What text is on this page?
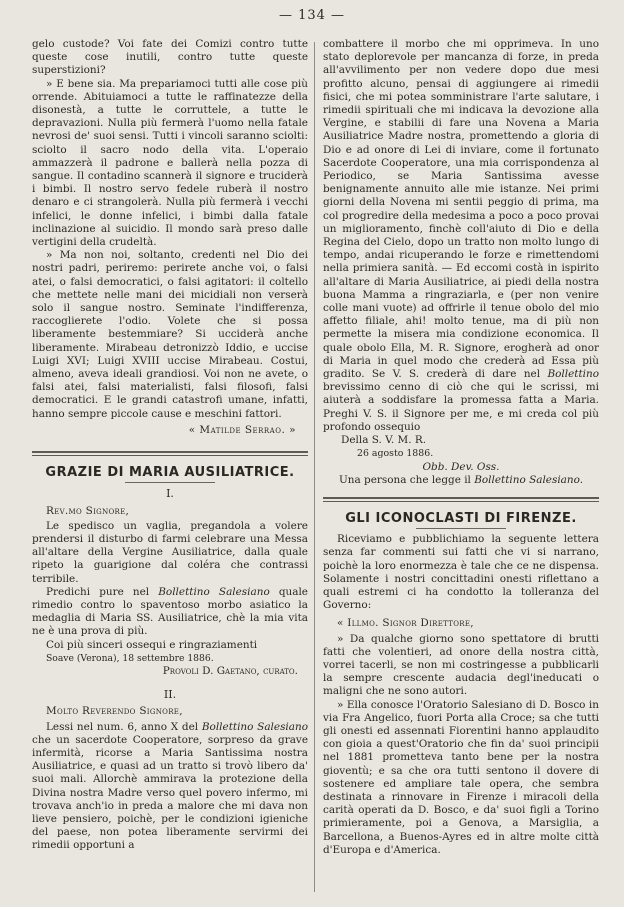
— 134 —

gelo custode? Voi fate dei Comizi contro tutte queste cose inutili, contro tutte queste superstizioni?

» E bene sia. Ma prepariamoci tutti alle cose più orrende. Abituiamoci a tutte le raffinatezze della disonestà, a tutte le corruttele, a tutte le depravazioni. Nulla più fermerà l'uomo nella fatale nevrosi de' suoi sensi. Tutti i vincoli saranno sciolti: sciolto il sacro nodo della vita. L'operaio ammazzerà il padrone e ballerà nella pozza di sangue. Il contadino scannerà il signore e truciderà i bimbi. Il nostro servo fedele ruberà il nostro denaro e ci strangolerà. Nulla più fermerà i vecchi infelici, le donne infelici, i bimbi dalla fatale inclinazione al suicidio. Il mondo sarà preso dalle vertigini della crudeltà.

» Ma non noi, soltanto, credenti nel Dio dei nostri padri, periremo: perirete anche voi, o falsi atei, o falsi democratici, o falsi agitatori: il coltello che mettete nelle mani dei micidiali non verserà solo il sangue nostro. Seminate l'indifferenza, raccoglierete l'odio. Volete che si possa liberamente bestemmiare? Si ucciderà anche liberamente. Mirabeau detronizzò Iddio, e uccise Luigi XVI; Luigi XVIII uccise Mirabeau. Costui, almeno, aveva ideali grandiosi. Voi non ne avete, o falsi atei, falsi materialisti, falsi filosofi, falsi democratici. E le grandi catastrofi umane, infatti, hanno sempre piccole cause e meschini fattori.

« Matilde Serrao. »

GRAZIE DI MARIA AUSILIATRICE.
I.
Rev.mo Signore,

Le spedisco un vaglia, pregandola a volere prendersi il disturbo di farmi celebrare una Messa all'altare della Vergine Ausiliatrice, dalla quale ripeto la guarigione dal coléra che contrassi terribile.

Predichi pure nel Bollettino Salesiano quale rimedio contro lo spaventoso morbo asiatico la medaglia di Maria SS. Ausiliatrice, chè la mia vita ne è una prova di più.

Coi più sinceri ossequi e ringraziamenti

Soave (Verona), 18 settembre 1886.

Provoli D. Gaetano, curato.

II.
Molto Reverendo Signore,

Lessi nel num. 6, anno X del Bollettino Salesiano che un sacerdote Cooperatore, sorpreso da grave infermità, ricorse a Maria Santissima nostra Ausiliatrice, e quasi ad un tratto si trovò libero da' suoi mali. Allorchè ammirava la protezione della Divina nostra Madre verso quel povero infermo, mi trovava anch'io in preda a malore che mi dava non lieve pensiero, poichè, per le condizioni igieniche del paese, non potea liberamente servirmi dei rimedii opportuni a

combattere il morbo che mi opprimeva. In uno stato deplorevole per mancanza di forze, in preda all'avvilimento per non vedere dopo due mesi profitto alcuno, pensai di aggiungere ai rimedii fisici, che mi potea somministrare l'arte salutare, i rimedii spirituali che mi indicava la devozione alla Vergine, e stabilii di fare una Novena a Maria Ausiliatrice Madre nostra, promettendo a gloria di Dio e ad onore di Lei di inviare, come il fortunato Sacerdote Cooperatore, una mia corrispondenza al Periodico, se Maria Santissima avesse benignamente annuito alle mie istanze. Nei primi giorni della Novena mi sentii peggio di prima, ma col progredire della medesima a poco a poco provai un miglioramento, finchè coll'aiuto di Dio e della Regina del Cielo, dopo un tratto non molto lungo di tempo, andai ricuperando le forze e rimettendomi nella primiera sanità. — Ed eccomi costà in ispirito all'altare di Maria Ausiliatrice, ai piedi della nostra buona Mamma a ringraziarla, e (per non venire colle mani vuote) ad offrirle il tenue obolo del mio affetto filiale, ahi! molto tenue, ma di più non permette la misera mia condizione economica. Il quale obolo Ella, M. R. Signore, erogherà ad onor di Maria in quel modo che crederà ad Essa più gradito. Se V. S. crederà di dare nel Bollettino brevissimo cenno di ciò che qui le scrissi, mi aiuterà a soddisfare la promessa fatta a Maria. Preghi V. S. il Signore per me, e mi creda col più profondo ossequio

Della S. V. M. R.

26 agosto 1886.

Obb. Dev. Oss.

Una persona che legge il Bollettino Salesiano.

GLI ICONOCLASTI DI FIRENZE.

Riceviamo e pubblichiamo la seguente lettera senza far commenti sui fatti che vi si narrano, poichè la loro enormezza è tale che ce ne dispensa. Solamente i nostri concittadini onesti riflettano a quali estremi ci ha condotto la tolleranza del Governo:

« Illmo. Signor Direttore,

» Da qualche giorno sono spettatore di brutti fatti che volentieri, ad onore della nostra città, vorrei tacerli, se non mi costringesse a pubblicarli la sempre crescente audacia degl'ineducati o maligni che ne sono autori.

» Ella conosce l'Oratorio Salesiano di D. Bosco in via Fra Angelico, fuori Porta alla Croce; sa che tutti gli onesti ed assennati Fiorentini hanno applaudito con gioia a quest'Oratorio che fin da' suoi principii nel 1881 prometteva tanto bene per la nostra gioventù; e sa che ora tutti sentono il dovere di sostenere ed ampliare tale opera, che sembra destinata a rinnovare in Firenze i miracoli della carità operati da D. Bosco, e da' suoi figli a Torino primieramente, poi a Genova, a Marsiglia, a Barcellona, a Buenos-Ayres ed in altre molte città d'Europa e d'America.
